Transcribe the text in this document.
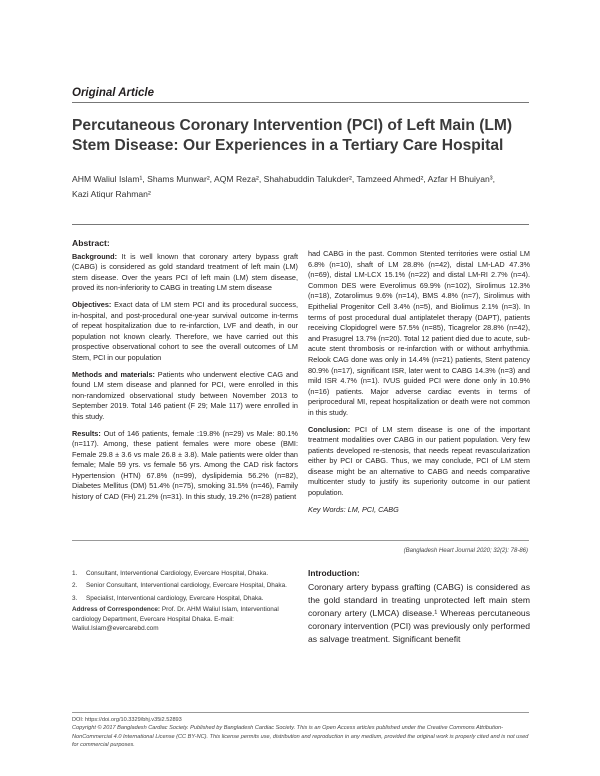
Original Article
Percutaneous Coronary Intervention (PCI) of Left Main (LM)
Stem Disease: Our Experiences in a Tertiary Care Hospital
AHM Waliul Islam¹, Shams Munwar², AQM Reza², Shahabuddin Talukder², Tamzeed Ahmed², Azfar H Bhuiyan³,
Kazi Atiqur Rahman²
Abstract:

Background: It is well known that coronary artery bypass graft (CABG) is considered as gold standard treatment of left main (LM) stem disease. Over the years PCI of left main (LM) stem disease, proved its non-inferiority to CABG in treating LM stem disease

Objectives: Exact data of LM stem PCI and its procedural success, in-hospital, and post-procedural one-year survival outcome in-terms of repeat hospitalization due to re-infarction, LVF and death, in our population not known clearly. Therefore, we have carried out this prospective observational cohort to see the overall outcomes of LM Stem, PCI in our population

Methods and materials: Patients who underwent elective CAG and found LM stem disease and planned for PCI, were enrolled in this non-randomized observational study between November 2013 to September 2019. Total 146 patient (F 29; Male 117) were enrolled in this study.

Results: Out of 146 patients, female :19.8% (n=29) vs Male: 80.1% (n=117). Among, these patient females were more obese (BMI: Female 29.8 ± 3.6 vs male 26.8 ± 3.8). Male patients were older than female; Male 59 yrs. vs female 56 yrs. Among the CAD risk factors Hypertension (HTN) 67.8% (n=99), dyslipidemia 56.2% (n=82), Diabetes Mellitus (DM) 51.4% (n=75), smoking 31.5% (n=46), Family history of CAD (FH) 21.2% (n=31). In this study, 19.2% (n=28) patient

had CABG in the past. Common Stented territories were ostial LM 6.8% (n=10), shaft of LM 28.8% (n=42), distal LM-LAD 47.3% (n=69), distal LM-LCX 15.1% (n=22) and distal LM-RI 2.7% (n=4). Common DES were Everolimus 69.9% (n=102), Sirolimus 12.3% (n=18), Zotarolimus 9.6% (n=14), BMS 4.8% (n=7), Sirolimus with Epithelial Progenitor Cell 3.4% (n=5), and Biolimus 2.1% (n=3). In terms of post procedural dual antiplatelet therapy (DAPT), patients receiving Clopidogrel were 57.5% (n=85), Ticagrelor 28.8% (n=42), and Prasugrel 13.7% (n=20). Total 12 patient died due to acute, sub-acute stent thrombosis or re-infarction with or without arrhythmia. Relook CAG done was only in 14.4% (n=21) patients, Stent patency 80.9% (n=17), significant ISR, later went to CABG 14.3% (n=3) and mild ISR 4.7% (n=1). IVUS guided PCI were done only in 10.9% (n=16) patients. Major adverse cardiac events in terms of periprocedural MI, repeat hospitalization or death were not common in this study.

Conclusion: PCI of LM stem disease is one of the important treatment modalities over CABG in our patient population. Very few patients developed re-stenosis, that needs repeat revascularization either by PCI or CABG. Thus, we may conclude, PCI of LM stem disease might be an alternative to CABG and needs comparative multicenter study to justify its superiority outcome in our patient population.

Key Words: LM, PCI, CABG

(Bangladesh Heart Journal 2020; 32(2): 78-86)
1.	Consultant, Interventional Cardiology, Evercare Hospital, Dhaka.
2.	Senior Consultant, Interventional cardiology, Evercare Hospital, Dhaka.
3.	Specialist, Interventional cardiology, Evercare Hospital, Dhaka.
Address of Correspondence: Prof. Dr. AHM Waliul Islam, Interventional cardiology Department, Evercare Hospital Dhaka. E-mail: Waliul.Islam@evercarebd.com
Introduction:
Coronary artery bypass grafting (CABG) is considered as the gold standard in treating unprotected left main stem coronary artery (LMCA) disease.¹ Whereas percutaneous coronary intervention (PCI) was previously only performed as salvage treatment. Significant benefit
DOI: https://doi.org/10.3329/bhj.v35i2.52893
Copyright © 2017 Bangladesh Cardiac Society. Published by Bangladesh Cardiac Society. This is an Open Access articles published under the Creative Commons Attribution-NonCommercial 4.0 International License (CC BY-NC). This license permits use, distribution and reproduction in any medium, provided the original work is properly cited and is not used for commercial purposes.
